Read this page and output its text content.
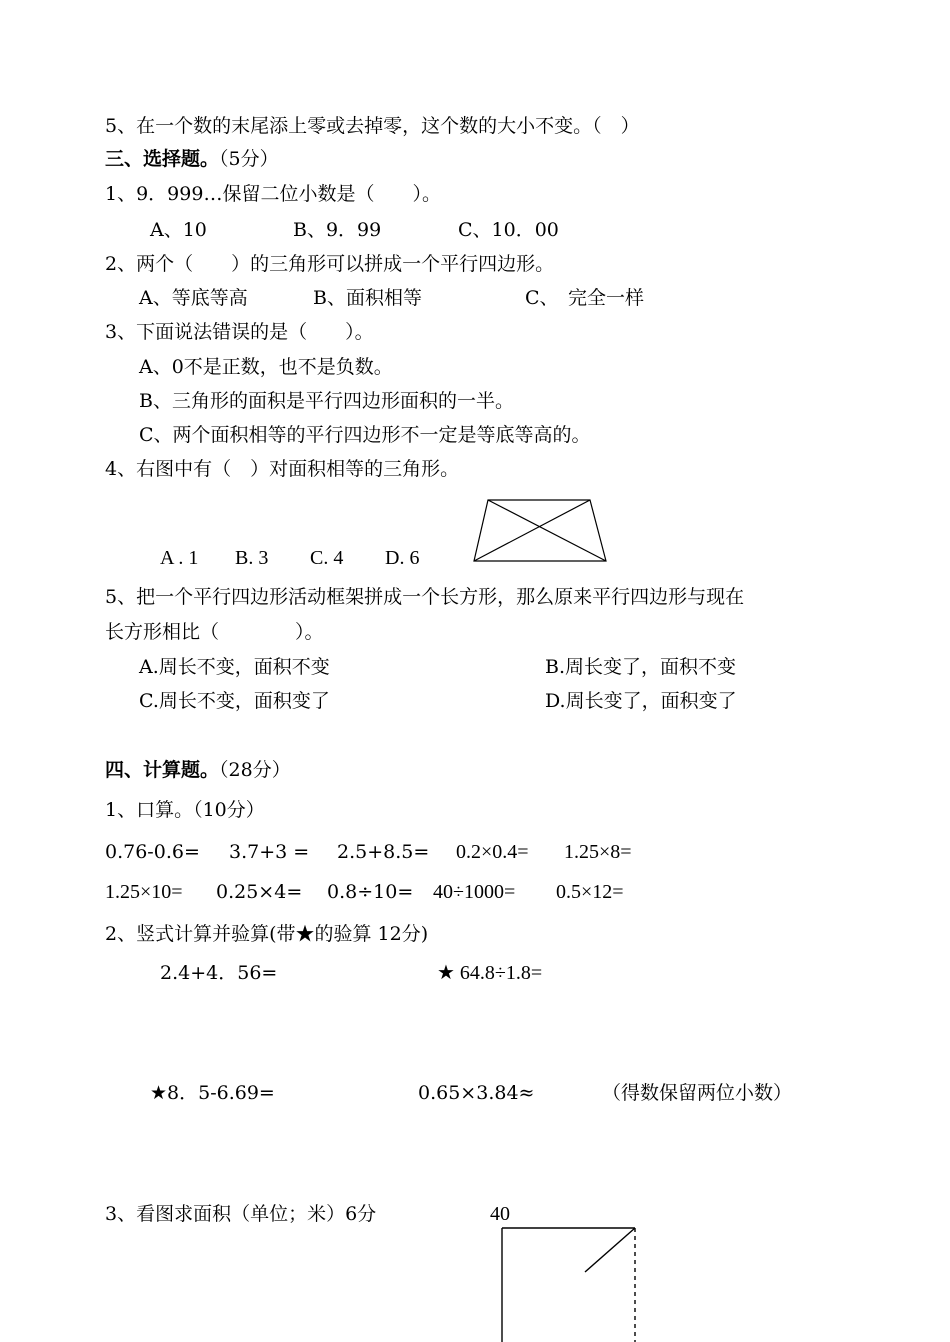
5、在一个数的末尾添上零或去掉零，这个数的大小不变。（　）
三、选择题。（5分）
1、9．999…保留二位小数是（　　）。
A、10	B、9．99	C、10．00
2、两个（　　）的三角形可以拼成一个平行四边形。
A、等底等高	B、面积相等	C、　完全一样
3、下面说法错误的是（　　）。
A、0不是正数，也不是负数。
B、三角形的面积是平行四边形面积的一半。
C、两个面积相等的平行四边形不一定是等底等高的。
4、右图中有（　）对面积相等的三角形。
A . 1 B. 3 C. 4 D. 6
5、把一个平行四边形活动框架拼成一个长方形，那么原来平行四边形与现在
长方形相比（　　　　）。
A.周长不变，面积不变	B.周长变了，面积不变
C.周长不变，面积变了	D.周长变了，面积变了
四、计算题。（28分）
1、口算。（10分）
0.76-0.6= 3.7+3 = 2.5+8.5= 0.2×0.4= 1.25×8=
1.25×10= 0.25×4= 0.8÷10= 40÷1000= 0.5×12=
2、竖式计算并验算(带★的验算 12分)
2.4+4．56=	★ 64.8÷1.8=
★8．5-6.69=	0.65×3.84≈	（得数保留两位小数）
3、看图求面积（单位；米）6分	40
